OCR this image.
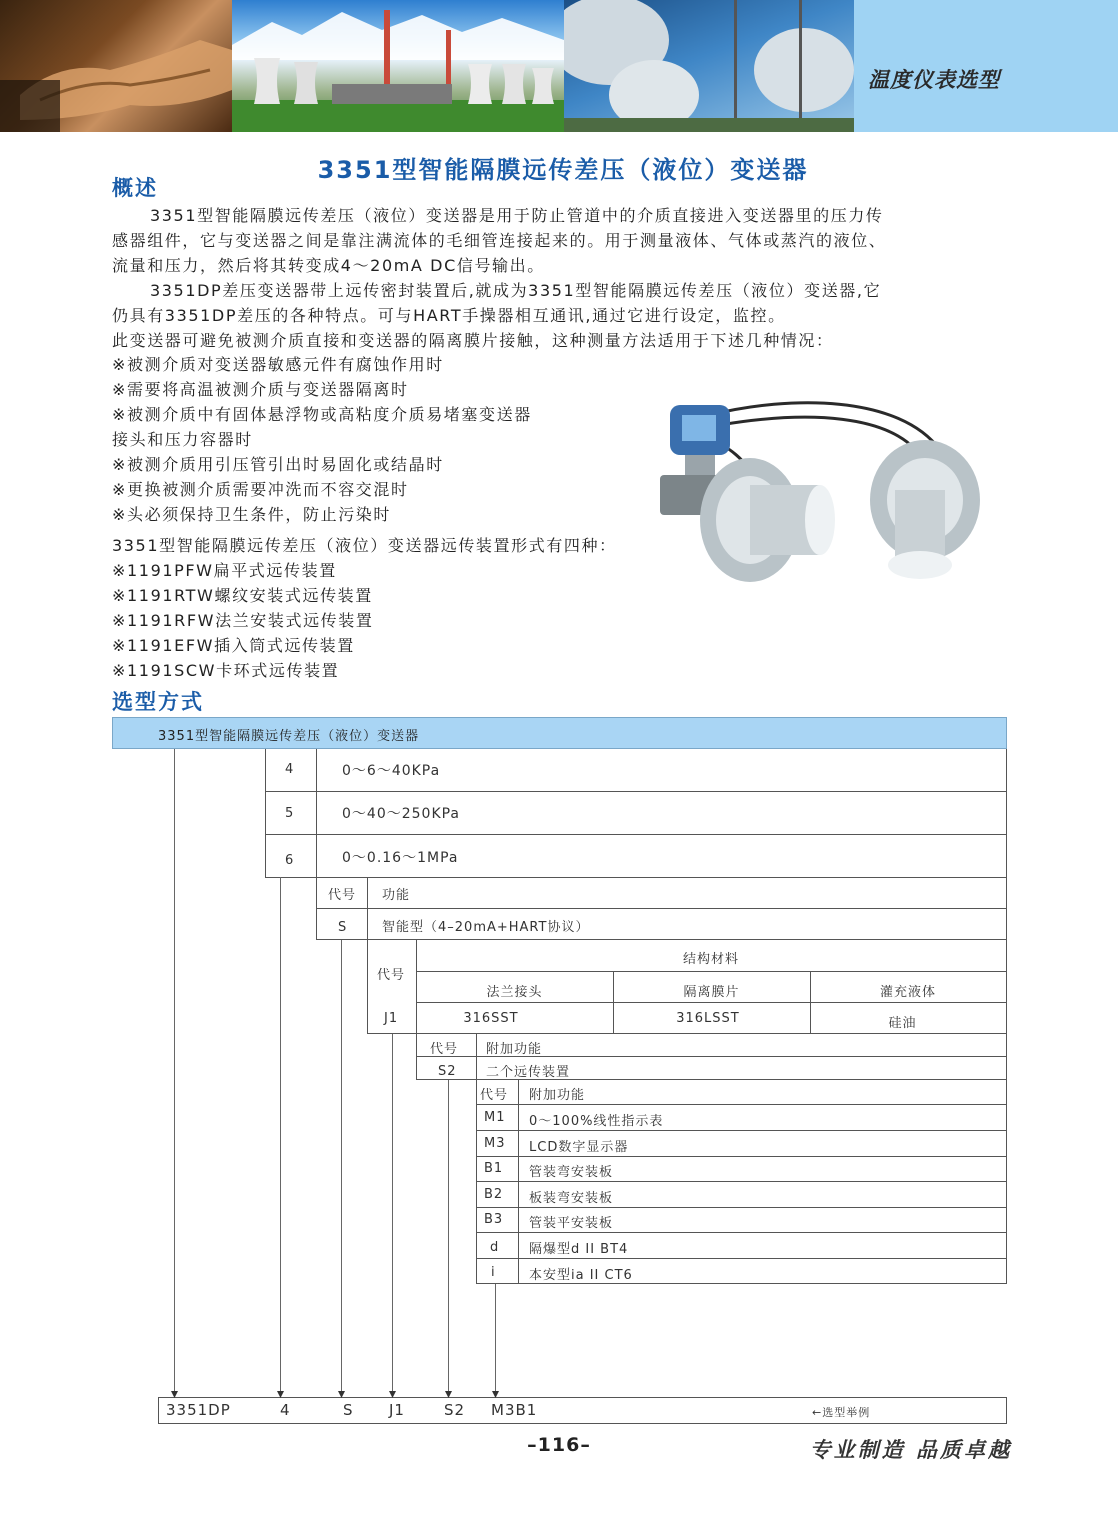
温度仪表选型
3351型智能隔膜远传差压（液位）变送器
概述
3351型智能隔膜远传差压（液位）变送器是用于防止管道中的介质直接进入变送器里的压力传
感器组件，它与变送器之间是靠注满流体的毛细管连接起来的。用于测量液体、气体或蒸汽的液位、
流量和压力，然后将其转变成4～20mA DC信号输出。
3351DP差压变送器带上远传密封装置后,就成为3351型智能隔膜远传差压（液位）变送器,它
仍具有3351DP差压的各种特点。可与HART手操器相互通讯,通过它进行设定，监控。
此变送器可避免被测介质直接和变送器的隔离膜片接触，这种测量方法适用于下述几种情况：
※被测介质对变送器敏感元件有腐蚀作用时
※需要将高温被测介质与变送器隔离时
※被测介质中有固体悬浮物或高粘度介质易堵塞变送器
接头和压力容器时
※被测介质用引压管引出时易固化或结晶时
※更换被测介质需要冲洗而不容交混时
※头必须保持卫生条件，防止污染时
3351型智能隔膜远传差压（液位）变送器远传装置形式有四种：
※1191PFW扁平式远传装置
※1191RTW螺纹安装式远传装置
※1191RFW法兰安装式远传装置
※1191EFW插入筒式远传装置
※1191SCW卡环式远传装置
选型方式
3351型智能隔膜远传差压（液位）变送器
4	0～6～40KPa
5	0～40～250KPa
6	0～0.16～1MPa
代号 功能
S	智能型（4–20mA+HART协议）
代号
结构材料
法兰接头	隔离膜片	灌充液体
J1	316SST	316LSST	硅油
代号 附加功能
S2 二个远传装置
代号 附加功能
M1 0～100%线性指示表
M3 LCD数字显示器
B1 管装弯安装板
B2 板装弯安装板
B3 管装平安装板
d 隔爆型d II BT4
i	本安型ia II CT6
3351DP	4	S J1	S2 M3B1	←选型举例
–116–	专业制造 品质卓越
